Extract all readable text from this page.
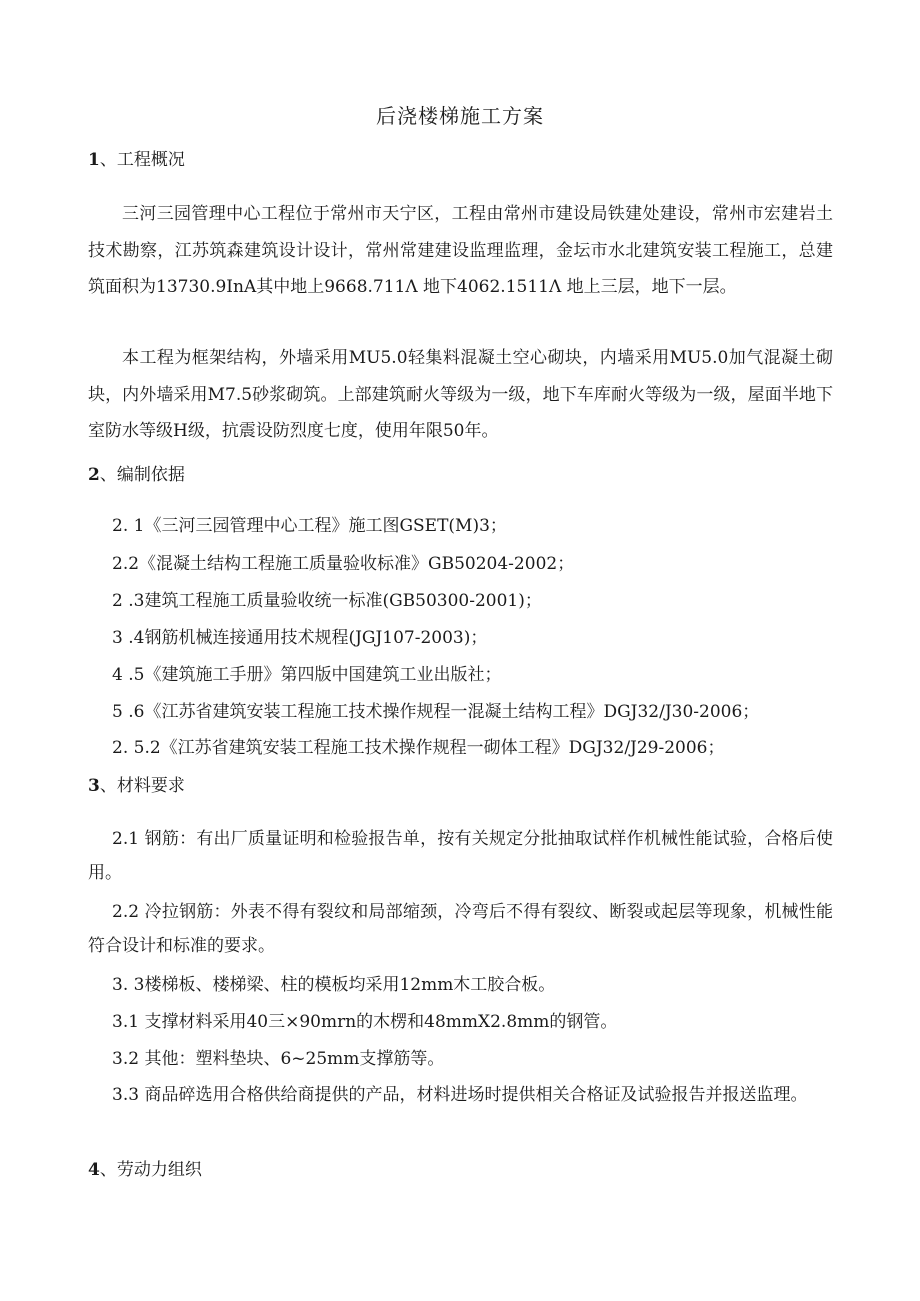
后浇楼梯施工方案
1、工程概况

三河三园管理中心工程位于常州市天宁区，工程由常州市建设局铁建处建设，常州市宏建岩土技术勘察，江苏筑森建筑设计设计，常州常建建设监理监理，金坛市水北建筑安装工程施工，总建筑面积为13730.9InA其中地上9668.711Λ 地下4062.1511Λ 地上三层，地下一层。

本工程为框架结构，外墙采用MU5.0轻集料混凝土空心砌块，内墙采用MU5.0加气混凝土砌块，内外墙采用M7.5砂浆砌筑。上部建筑耐火等级为一级，地下车库耐火等级为一级，屋面半地下室防水等级H级，抗震设防烈度七度，使用年限50年。

2、编制依据

2. 1《三河三园管理中心工程》施工图GSET(M)3；

2.2《混凝土结构工程施工质量验收标准》GB50204-2002；

2 .3建筑工程施工质量验收统一标准(GB50300-2001)；

3 .4钢筋机械连接通用技术规程(JGJ107-2003)；

4 .5《建筑施工手册》第四版中国建筑工业出版社；

5 .6《江苏省建筑安装工程施工技术操作规程一混凝土结构工程》DGJ32/J30-2006；

2. 5.2《江苏省建筑安装工程施工技术操作规程一砌体工程》DGJ32/J29-2006；

3、材料要求

2.1 钢筋：有出厂质量证明和检验报告单，按有关规定分批抽取试样作机械性能试验，合格后使用。

2.2 冷拉钢筋：外表不得有裂纹和局部缩颈，冷弯后不得有裂纹、断裂或起层等现象，机械性能符合设计和标准的要求。

3. 3楼梯板、楼梯梁、柱的模板均采用12mm木工胶合板。

3.1 支撑材料采用40三×90mrn的木楞和48mmX2.8mm的钢管。

3.2 其他：塑料垫块、6~25mm支撑筋等。

3.3 商品碎选用合格供给商提供的产品，材料进场时提供相关合格证及试验报告并报送监理。

4、劳动力组织
